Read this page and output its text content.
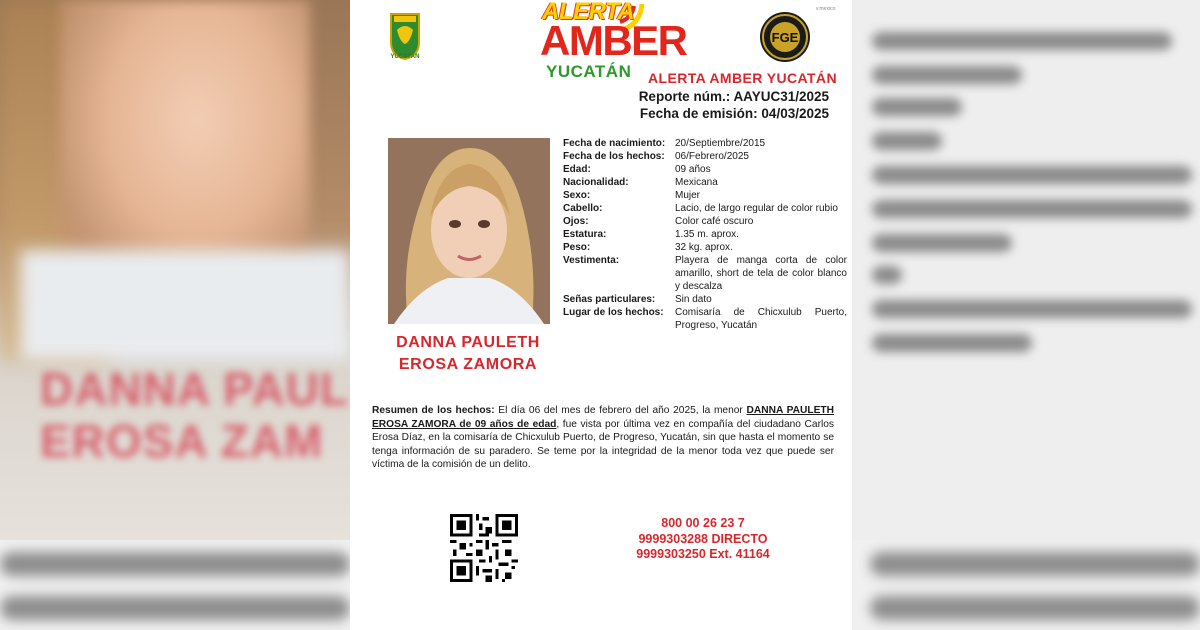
DANNA PAUL
EROSA ZAM
YUCATÁN
v.mexico
ALERTA
AMBER
YUCATÁN
FGE
ALERTA AMBER YUCATÁN
Reporte núm.: AAYUC31/2025
Fecha de emisión: 04/03/2025
DANNA PAULETH
EROSA ZAMORA
Fecha de nacimiento: 20/Septiembre/2015
Fecha de los hechos:	06/Febrero/2025
Edad:	09 años
Nacionalidad:	Mexicana
Sexo:	Mujer
Cabello:	Lacio, de largo regular de color rubio
Ojos:	Color café oscuro
Estatura:	1.35 m. aprox.
Peso:	32 kg. aprox.
Vestimenta:	Playera de manga corta de color amarillo, short de tela de color blanco y descalza
Señas particulares:	Sin dato
Lugar de los hechos:	Comisaría de Chicxulub Puerto, Progreso, Yucatán
Resumen de los hechos: El día 06 del mes de febrero del año 2025, la menor DANNA PAULETH EROSA ZAMORA de 09 años de edad, fue vista por última vez en compañía del ciudadano Carlos Erosa Díaz, en la comisaría de Chicxulub Puerto, de Progreso, Yucatán, sin que hasta el momento se tenga información de su paradero. Se teme por la integridad de la menor toda vez que puede ser víctima de la comisión de un delito.
800 00 26 23 7
9999303288 DIRECTO
9999303250 Ext. 41164
